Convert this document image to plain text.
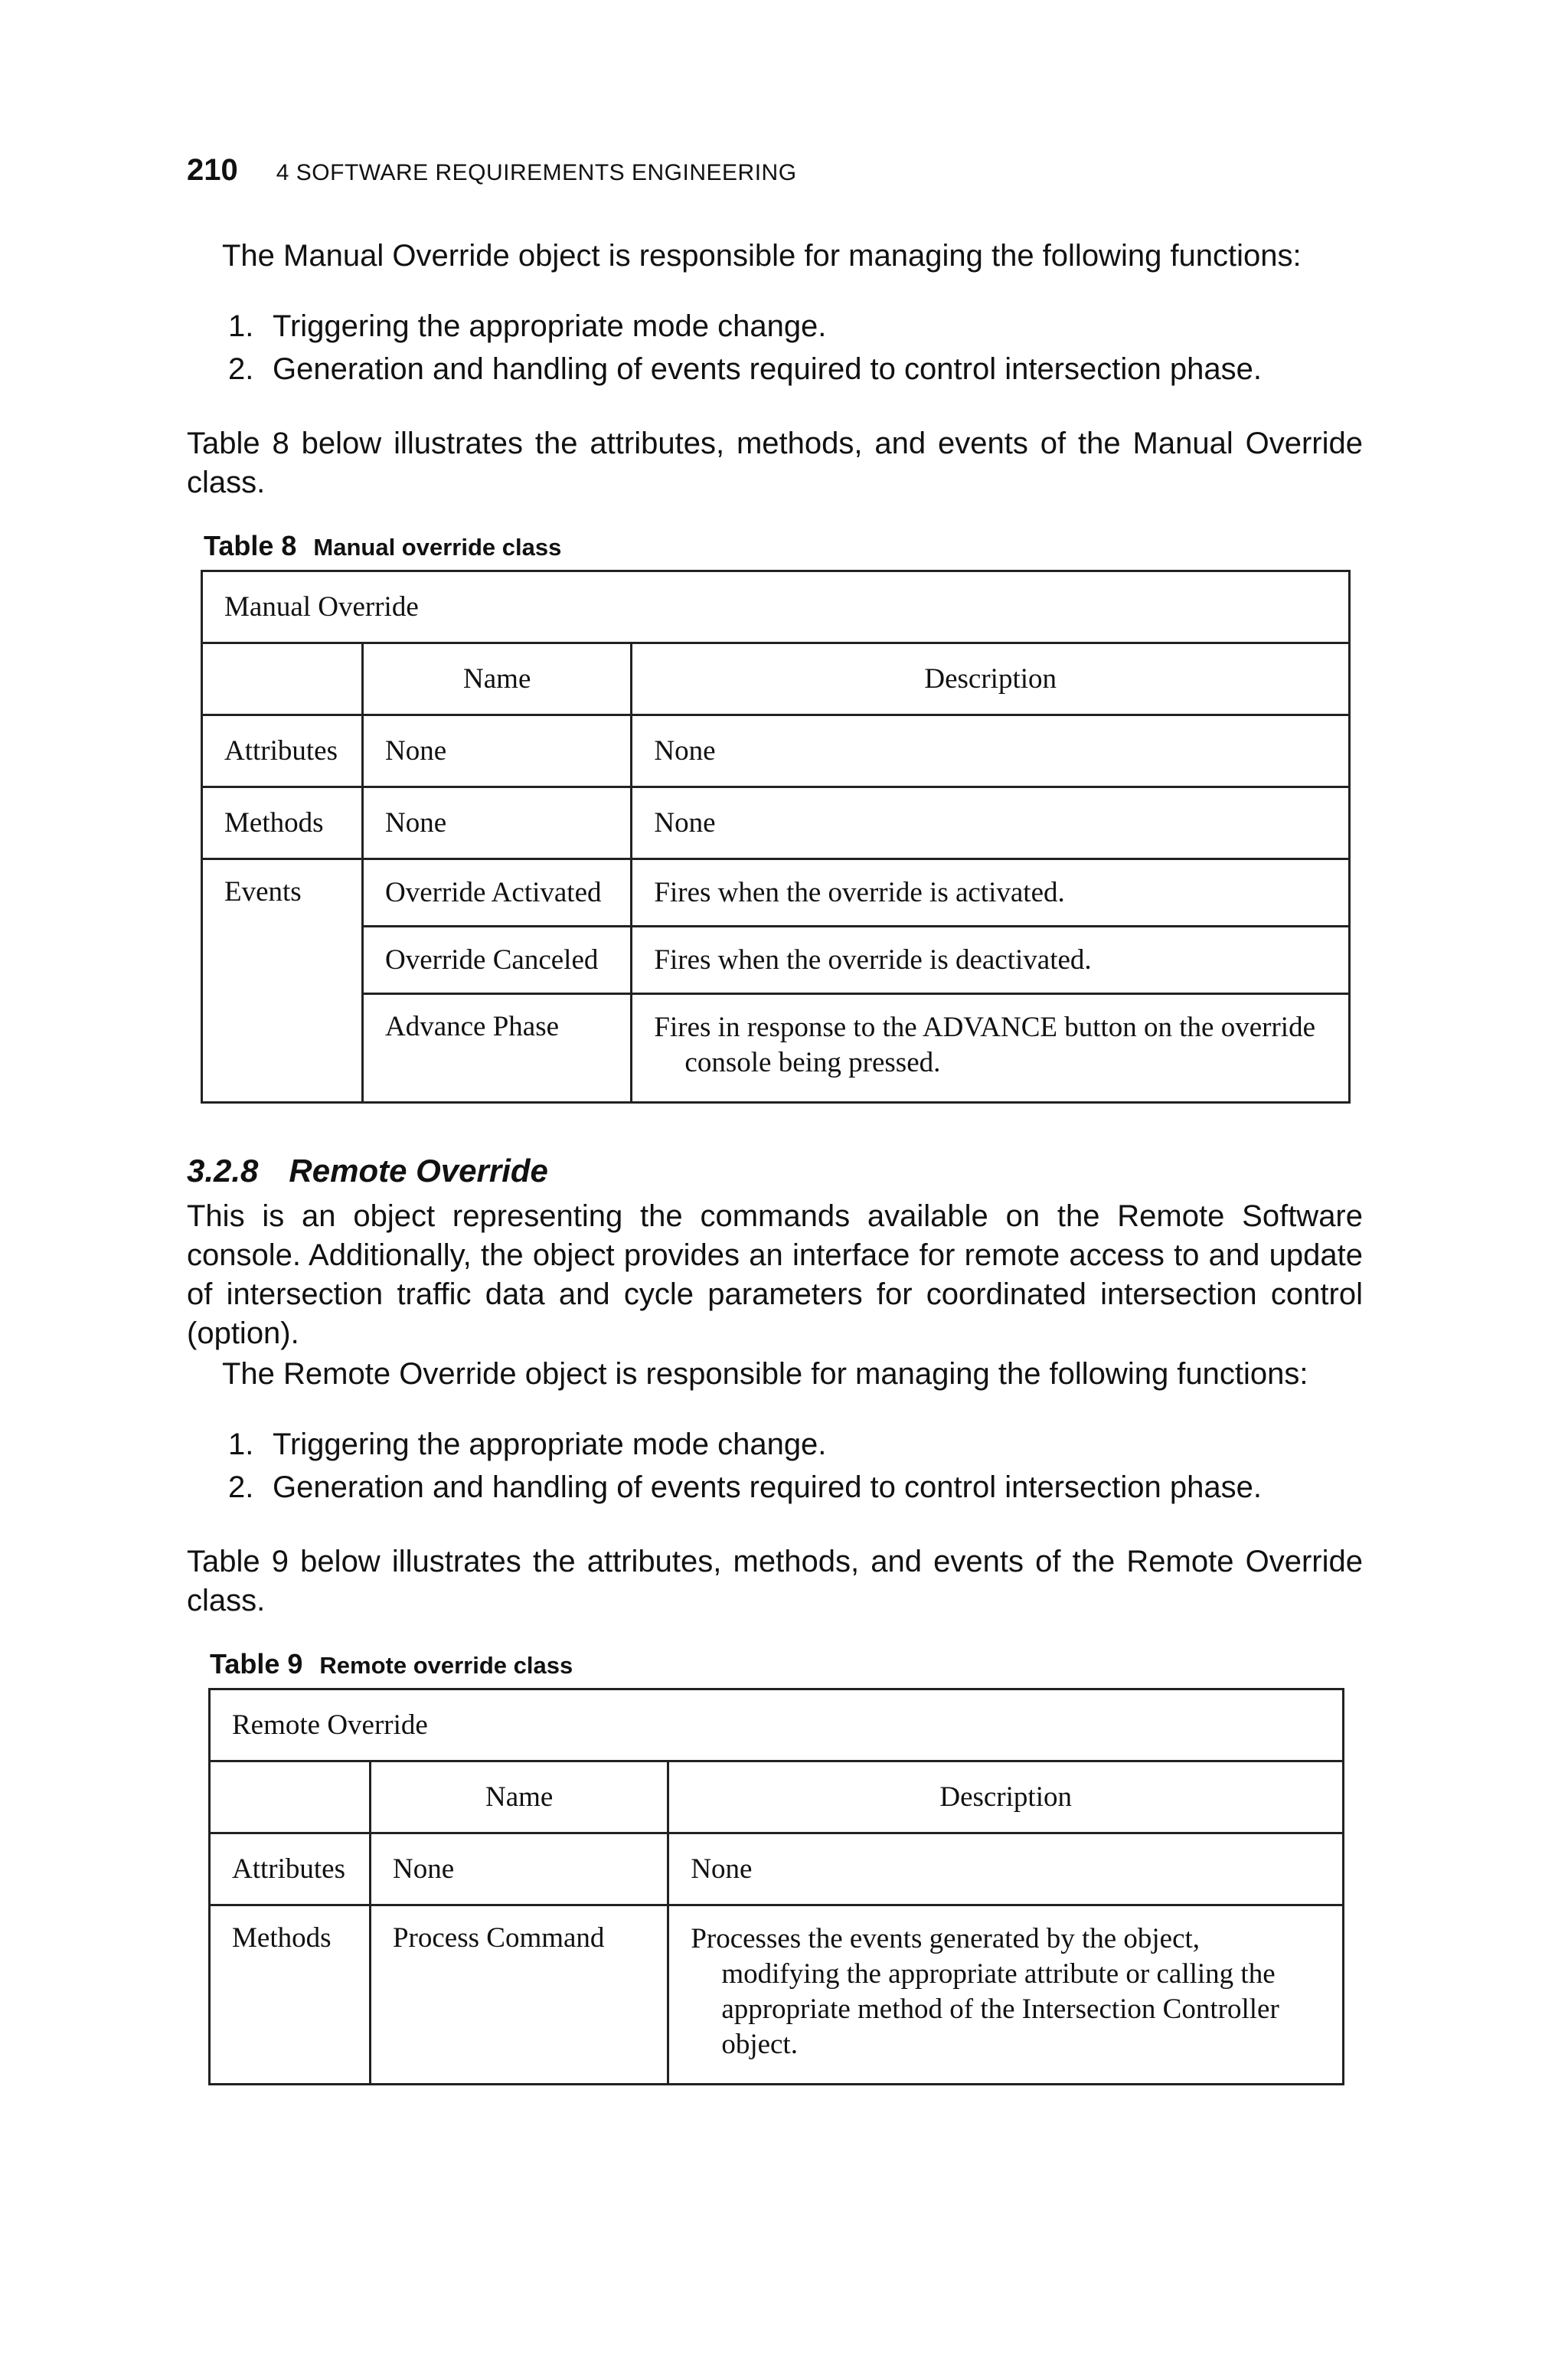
210 4 SOFTWARE REQUIREMENTS ENGINEERING

The Manual Override object is responsible for managing the following functions:

1. Triggering the appropriate mode change.
2. Generation and handling of events required to control intersection phase.

Table 8 below illustrates the attributes, methods, and events of the Manual Override class.

Table 8 Manual override class
Manual Override		
	Name	Description
Attributes	None	None
Methods	None	None
Events	Override Activated	Fires when the override is activated.
	Override Canceled	Fires when the override is deactivated.
	Advance Phase	Fires in response to the ADVANCE button on the override console being pressed.
3.2.8 Remote Override

This is an object representing the commands available on the Remote Software console. Additionally, the object provides an interface for remote access to and update of intersection traffic data and cycle parameters for coordinated intersection control (option).

The Remote Override object is responsible for managing the following functions:

1. Triggering the appropriate mode change.
2. Generation and handling of events required to control intersection phase.

Table 9 below illustrates the attributes, methods, and events of the Remote Override class.

Table 9 Remote override class
Remote Override		
	Name	Description
Attributes	None	None
Methods	Process Command	Processes the events generated by the object, modifying the appropriate attribute or calling the appropriate method of the Intersection Controller object.
